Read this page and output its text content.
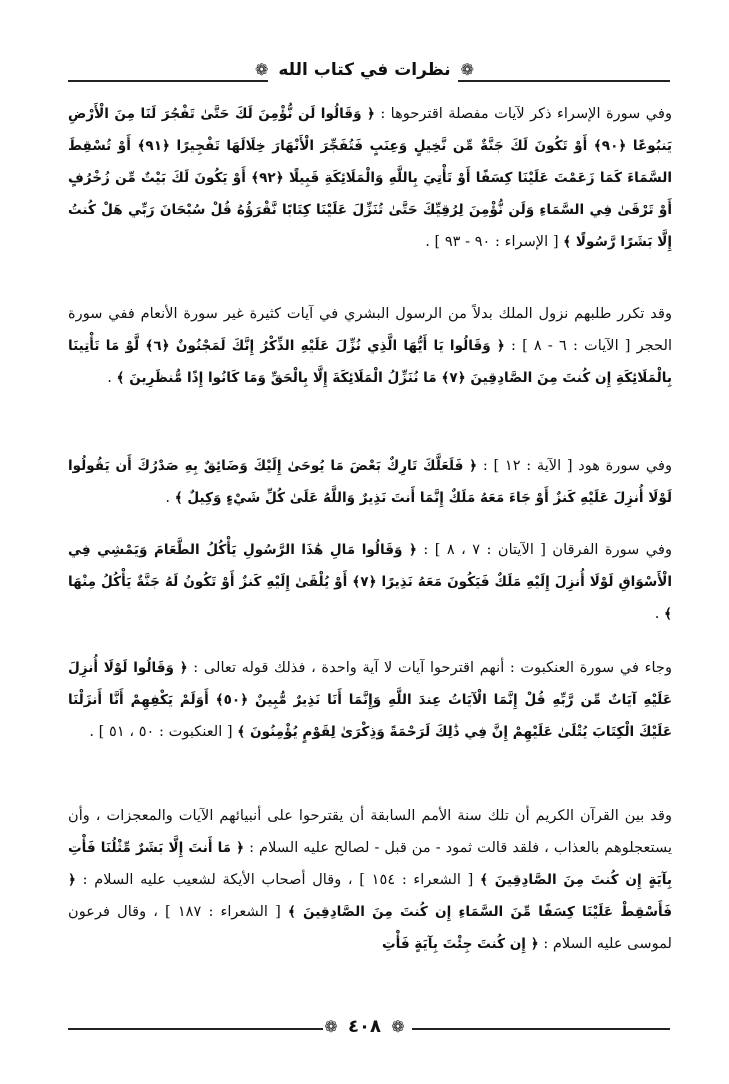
❁ نظرات في كتاب الله ❁

وفي سورة الإسراء ذكر لآيات مفصلة اقترحوها : ﴿ وَقَالُوا لَن نُّؤْمِنَ لَكَ حَتَّىٰ تَفْجُرَ لَنَا مِنَ الْأَرْضِ يَنبُوعًا ﴿٩٠﴾ أَوْ تَكُونَ لَكَ جَنَّةٌ مِّن نَّخِيلٍ وَعِنَبٍ فَتُفَجِّرَ الْأَنْهَارَ خِلَالَهَا تَفْجِيرًا ﴿٩١﴾ أَوْ تُسْقِطَ السَّمَاءَ كَمَا زَعَمْتَ عَلَيْنَا كِسَفًا أَوْ تَأْتِيَ بِاللَّهِ وَالْمَلَائِكَةِ قَبِيلًا ﴿٩٢﴾ أَوْ يَكُونَ لَكَ بَيْتٌ مِّن زُخْرُفٍ أَوْ تَرْقَىٰ فِي السَّمَاءِ وَلَن نُّؤْمِنَ لِرُقِيِّكَ حَتَّىٰ تُنَزِّلَ عَلَيْنَا كِتَابًا نَّقْرَؤُهُ قُلْ سُبْحَانَ رَبِّي هَلْ كُنتُ إِلَّا بَشَرًا رَّسُولًا ﴾ [ الإسراء : ٩٠ - ٩٣ ] .

وقد تكرر طلبهم نزول الملك بدلاً من الرسول البشري في آيات كثيرة غير سورة الأنعام ففي سورة الحجر [ الآيات : ٦ - ٨ ] : ﴿ وَقَالُوا يَا أَيُّهَا الَّذِي نُزِّلَ عَلَيْهِ الذِّكْرُ إِنَّكَ لَمَجْنُونٌ ﴿٦﴾ لَّوْ مَا تَأْتِينَا بِالْمَلَائِكَةِ إِن كُنتَ مِنَ الصَّادِقِينَ ﴿٧﴾ مَا نُنَزِّلُ الْمَلَائِكَةَ إِلَّا بِالْحَقِّ وَمَا كَانُوا إِذًا مُّنظَرِينَ ﴾ .

وفي سورة هود [ الآية : ١٢ ] : ﴿ فَلَعَلَّكَ تَارِكٌ بَعْضَ مَا يُوحَىٰ إِلَيْكَ وَضَائِقٌ بِهِ صَدْرُكَ أَن يَقُولُوا لَوْلَا أُنزِلَ عَلَيْهِ كَنزٌ أَوْ جَاءَ مَعَهُ مَلَكٌ إِنَّمَا أَنتَ نَذِيرٌ وَاللَّهُ عَلَىٰ كُلِّ شَيْءٍ وَكِيلٌ ﴾ .

وفي سورة الفرقان [ الآيتان : ٧ ، ٨ ] : ﴿ وَقَالُوا مَالِ هَٰذَا الرَّسُولِ يَأْكُلُ الطَّعَامَ وَيَمْشِي فِي الْأَسْوَاقِ لَوْلَا أُنزِلَ إِلَيْهِ مَلَكٌ فَيَكُونَ مَعَهُ نَذِيرًا ﴿٧﴾ أَوْ يُلْقَىٰ إِلَيْهِ كَنزٌ أَوْ تَكُونُ لَهُ جَنَّةٌ يَأْكُلُ مِنْهَا ﴾ .

وجاء في سورة العنكبوت : أنهم اقترحوا آيات لا آية واحدة ، فذلك قوله تعالى : ﴿ وَقَالُوا لَوْلَا أُنزِلَ عَلَيْهِ آيَاتٌ مِّن رَّبِّهِ قُلْ إِنَّمَا الْآيَاتُ عِندَ اللَّهِ وَإِنَّمَا أَنَا نَذِيرٌ مُّبِينٌ ﴿٥٠﴾ أَوَلَمْ يَكْفِهِمْ أَنَّا أَنزَلْنَا عَلَيْكَ الْكِتَابَ يُتْلَىٰ عَلَيْهِمْ إِنَّ فِي ذَٰلِكَ لَرَحْمَةً وَذِكْرَىٰ لِقَوْمٍ يُؤْمِنُونَ ﴾ [ العنكبوت : ٥٠ ، ٥١ ] .

وقد بين القرآن الكريم أن تلك سنة الأمم السابقة أن يقترحوا على أنبيائهم الآيات والمعجزات ، وأن يستعجلوهم بالعذاب ، فلقد قالت ثمود - من قبل - لصالح عليه السلام : ﴿ مَا أَنتَ إِلَّا بَشَرٌ مِّثْلُنَا فَأْتِ بِآيَةٍ إِن كُنتَ مِنَ الصَّادِقِينَ ﴾ [ الشعراء : ١٥٤ ] ، وقال أصحاب الأيكة لشعيب عليه السلام : ﴿ فَأَسْقِطْ عَلَيْنَا كِسَفًا مِّنَ السَّمَاءِ إِن كُنتَ مِنَ الصَّادِقِينَ ﴾ [ الشعراء : ١٨٧ ] ، وقال فرعون لموسى عليه السلام : ﴿ إِن كُنتَ جِئْتَ بِآيَةٍ فَأْتِ

❁ ٤٠٨ ❁
